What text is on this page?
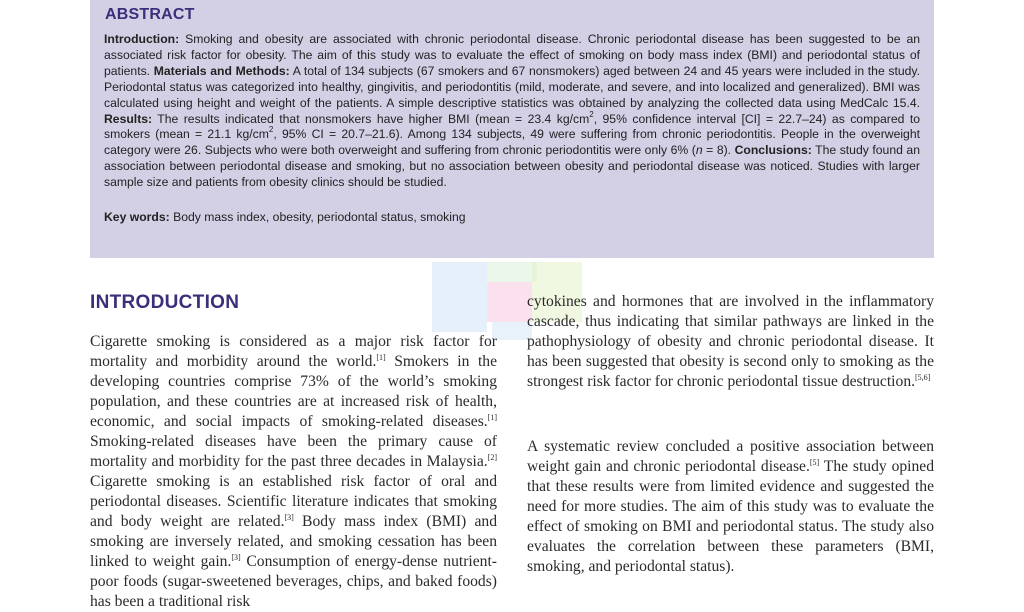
ABSTRACT

Introduction: Smoking and obesity are associated with chronic periodontal disease. Chronic periodontal disease has been suggested to be an associated risk factor for obesity. The aim of this study was to evaluate the effect of smoking on body mass index (BMI) and periodontal status of patients. Materials and Methods: A total of 134 subjects (67 smokers and 67 nonsmokers) aged between 24 and 45 years were included in the study. Periodontal status was categorized into healthy, gingivitis, and periodontitis (mild, moderate, and severe, and into localized and generalized). BMI was calculated using height and weight of the patients. A simple descriptive statistics was obtained by analyzing the collected data using MedCalc 15.4. Results: The results indicated that nonsmokers have higher BMI (mean = 23.4 $kg/cm^2$, 95% confidence interval [CI] = 22.7–24) as compared to smokers (mean = 21.1 $kg/cm^2$, 95% CI = 20.7–21.6). Among 134 subjects, 49 were suffering from chronic periodontitis. People in the overweight category were 26. Subjects who were both overweight and suffering from chronic periodontitis were only 6% (n = 8). Conclusions: The study found an association between periodontal disease and smoking, but no association between obesity and periodontal disease was noticed. Studies with larger sample size and patients from obesity clinics should be studied.

Key words: Body mass index, obesity, periodontal status, smoking
INTRODUCTION

Cigarette smoking is considered as a major risk factor for mortality and morbidity around the world.[1] Smokers in the developing countries comprise 73% of the world’s smoking population, and these countries are at increased risk of health, economic, and social impacts of smoking-related diseases.[1] Smoking-related diseases have been the primary cause of mortality and morbidity for the past three decades in Malaysia.[2] Cigarette smoking is an established risk factor of oral and periodontal diseases. Scientific literature indicates that smoking and body weight are related.[3] Body mass index (BMI) and smoking are inversely related, and smoking cessation has been linked to weight gain.[3] Consumption of energy-dense nutrient-poor foods (sugar-sweetened beverages, chips, and baked foods) has been a traditional risk

cytokines and hormones that are involved in the inflammatory cascade, thus indicating that similar pathways are linked in the pathophysiology of obesity and chronic periodontal disease. It has been suggested that obesity is second only to smoking as the strongest risk factor for chronic periodontal tissue destruction.[5,6]

A systematic review concluded a positive association between weight gain and chronic periodontal disease.[5] The study opined that these results were from limited evidence and suggested the need for more studies. The aim of this study was to evaluate the effect of smoking on BMI and periodontal status. The study also evaluates the correlation between these parameters (BMI, smoking, and periodontal status).
